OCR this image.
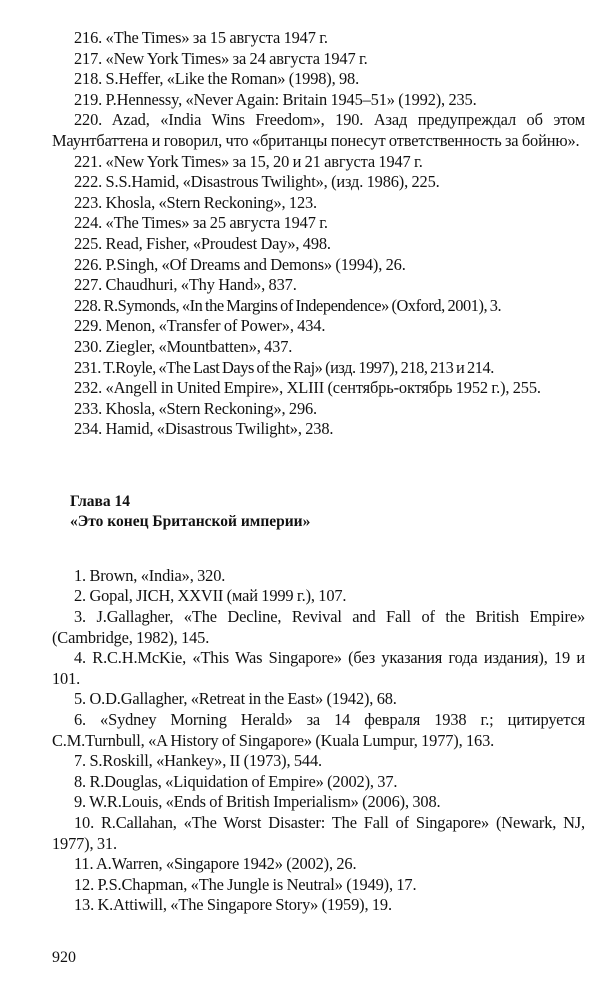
216. «The Times» за 15 августа 1947 г.
217. «New York Times» за 24 августа 1947 г.
218. S.Heffer, «Like the Roman» (1998), 98.
219. P.Hennessy, «Never Again: Britain 1945–51» (1992), 235.
220. Azad, «India Wins Freedom», 190. Азад предупреждал об этом Маунтбаттена и говорил, что «британцы понесут ответственность за бойню».
221. «New York Times» за 15, 20 и 21 августа 1947 г.
222. S.S.Hamid, «Disastrous Twilight», (изд. 1986), 225.
223. Khosla, «Stern Reckoning», 123.
224. «The Times» за 25 августа 1947 г.
225. Read, Fisher, «Proudest Day», 498.
226. P.Singh, «Of Dreams and Demons» (1994), 26.
227. Chaudhuri, «Thy Hand», 837.
228. R.Symonds, «In the Margins of Independence» (Oxford, 2001), 3.
229. Menon, «Transfer of Power», 434.
230. Ziegler, «Mountbatten», 437.
231. T.Royle, «The Last Days of the Raj» (изд. 1997), 218, 213 и 214.
232. «Angell in United Empire», XLIII (сентябрь-октябрь 1952 г.), 255.
233. Khosla, «Stern Reckoning», 296.
234. Hamid, «Disastrous Twilight», 238.
Глава 14
«Это конец Британской империи»
1. Brown, «India», 320.
2. Gopal, JICH, XXVII (май 1999 г.), 107.
3. J.Gallagher, «The Decline, Revival and Fall of the British Empire» (Cambridge, 1982), 145.
4. R.C.H.McKie, «This Was Singapore» (без указания года издания), 19 и 101.
5. O.D.Gallagher, «Retreat in the East» (1942), 68.
6. «Sydney Morning Herald» за 14 февраля 1938 г.; цитируется C.M.Turnbull, «A History of Singapore» (Kuala Lumpur, 1977), 163.
7. S.Roskill, «Hankey», II (1973), 544.
8. R.Douglas, «Liquidation of Empire» (2002), 37.
9. W.R.Louis, «Ends of British Imperialism» (2006), 308.
10. R.Callahan, «The Worst Disaster: The Fall of Singapore» (Newark, NJ, 1977), 31.
11. A.Warren, «Singapore 1942» (2002), 26.
12. P.S.Chapman, «The Jungle is Neutral» (1949), 17.
13. K.Attiwill, «The Singapore Story» (1959), 19.
920
